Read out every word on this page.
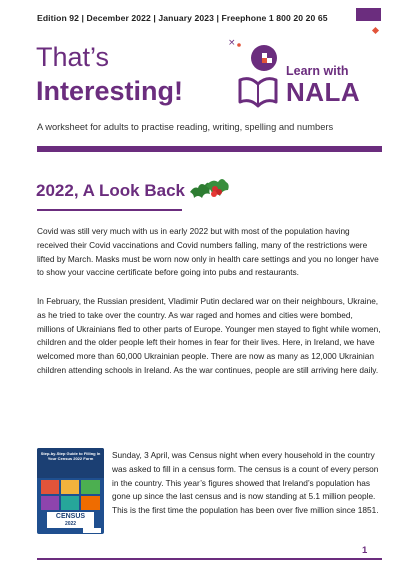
Edition 92 | December 2022 | January 2023 | Freephone 1 800 20 20 65
That’s
Interesting!
×
Learn with
NALA
A worksheet for adults to practise reading, writing, spelling and numbers
2022, A Look Back
Covid was still very much with us in early 2022 but with most of the population having received their Covid vaccinations and Covid numbers falling, many of the restrictions were lifted by March. Masks must be worn now only in health care settings and you no longer have to show your vaccine certificate before going into pubs and restaurants.
In February, the Russian president, Vladimir Putin declared war on their neighbours, Ukraine, as he tried to take over the country. As war raged and homes and cities were bombed, millions of Ukrainians fled to other parts of Europe. Younger men stayed to fight while women, children and the older people left their homes in fear for their lives. Here, in Ireland, we have welcomed more than 60,000 Ukrainian people. There are now as many as 12,000 Ukrainian children attending schools in Ireland. As the war continues, people are still arriving here daily.
Step-by-Step Guide to Filling In Your Census 2022 Form
CENSUS
2022
Sunday, 3 April, was Census night when every household in the country was asked to fill in a census form. The census is a count of every person in the country. This year’s figures showed that Ireland’s population has gone up since the last census and is now standing at 5.1 million people. This is the first time the population has been over five million since 1851.
1
